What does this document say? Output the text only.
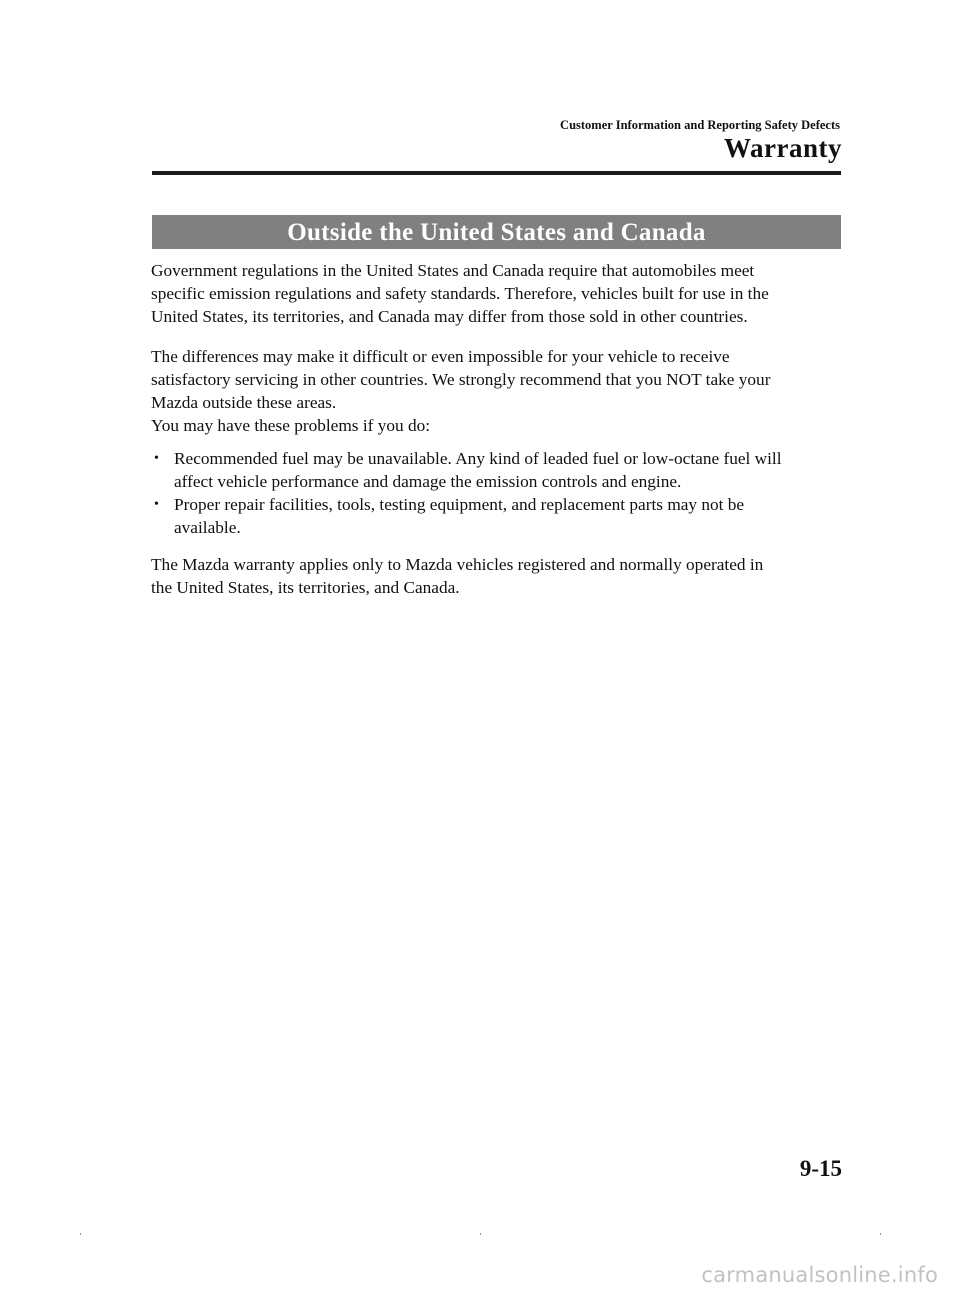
Customer Information and Reporting Safety Defects
Warranty
Outside the United States and Canada

Government regulations in the United States and Canada require that automobiles meet
specific emission regulations and safety standards. Therefore, vehicles built for use in the
United States, its territories, and Canada may differ from those sold in other countries.

The differences may make it difficult or even impossible for your vehicle to receive
satisfactory servicing in other countries. We strongly recommend that you NOT take your
Mazda outside these areas.
You may have these problems if you do:

• Recommended fuel may be unavailable. Any kind of leaded fuel or low-octane fuel will
affect vehicle performance and damage the emission controls and engine.
• Proper repair facilities, tools, testing equipment, and replacement parts may not be
available.

The Mazda warranty applies only to Mazda vehicles registered and normally operated in
the United States, its territories, and Canada.

9-15
carmanualsonline.info
